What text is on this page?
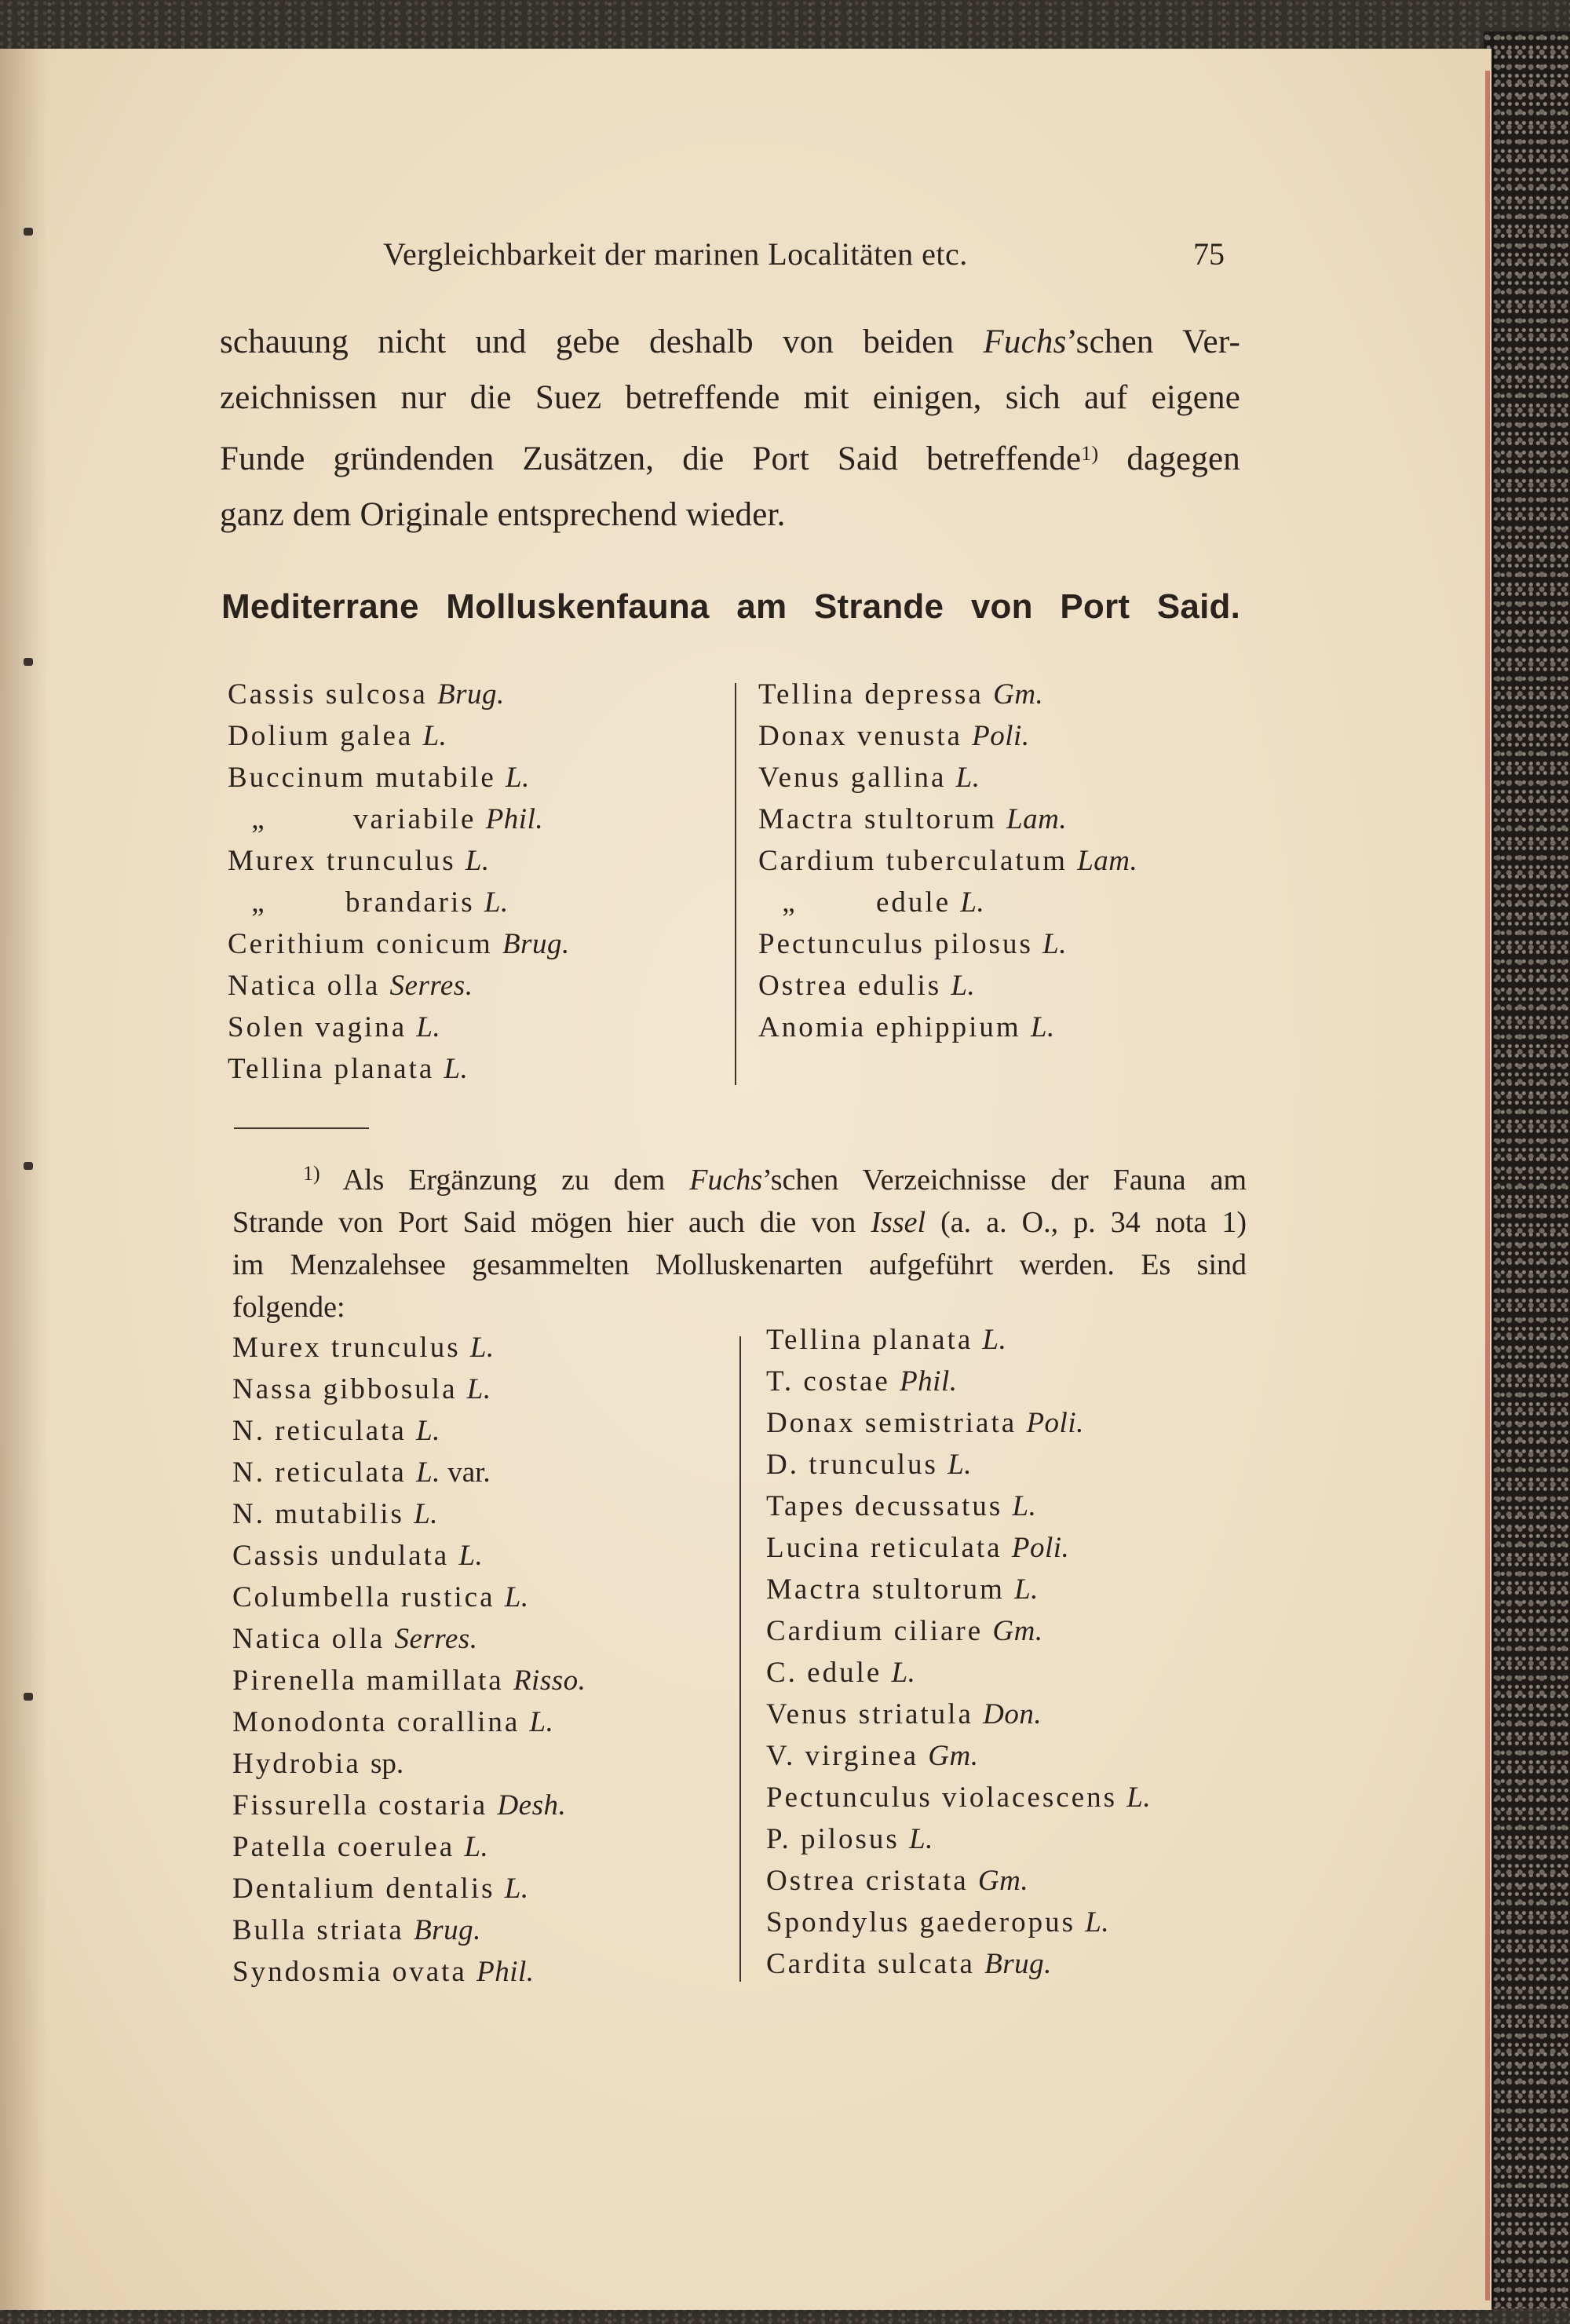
Vergleichbarkeit der marinen Localitäten etc.	75
schauung nicht und gebe deshalb von beiden Fuchs’schen Ver-
zeichnissen nur die Suez betreffende mit einigen, sich auf eigene
Funde gründenden Zusätzen, die Port Said betreffende$^{1)}$ dagegen
ganz dem Originale entsprechend wieder.
Mediterrane Molluskenfauna am Strande von Port Said.
Cassis sulcosa Brug.
Dolium galea L.
Buccinum mutabile L.
„	variabile Phil.
Murex trunculus L.
„	brandaris L.
Cerithium conicum Brug.
Natica olla Serres.
Solen vagina L.
Tellina planata L.
Tellina depressa Gm.
Donax venusta Poli.
Venus gallina L.
Mactra stultorum Lam.
Cardium tuberculatum Lam.
„	edule L.
Pectunculus pilosus L.
Ostrea edulis L.
Anomia ephippium L.
$^{1)}$ Als Ergänzung zu dem Fuchs’schen Verzeichnisse der Fauna am
Strande von Port Said mögen hier auch die von Issel (a. a. O., p. 34 nota 1)
im Menzalehsee gesammelten Molluskenarten aufgeführt werden. Es sind
folgende:
Murex trunculus L.
Nassa gibbosula L.
N. reticulata L.
N. reticulata L. var.
N. mutabilis L.
Cassis undulata L.
Columbella rustica L.
Natica olla Serres.
Pirenella mamillata Risso.
Monodonta corallina L.
Hydrobia sp.
Fissurella costaria Desh.
Patella coerulea L.
Dentalium dentalis L.
Bulla striata Brug.
Syndosmia ovata Phil.
Tellina planata L.
T. costae Phil.
Donax semistriata Poli.
D. trunculus L.
Tapes decussatus L.
Lucina reticulata Poli.
Mactra stultorum L.
Cardium ciliare Gm.
C. edule L.
Venus striatula Don.
V. virginea Gm.
Pectunculus violacescens L.
P. pilosus L.
Ostrea cristata Gm.
Spondylus gaederopus L.
Cardita sulcata Brug.
